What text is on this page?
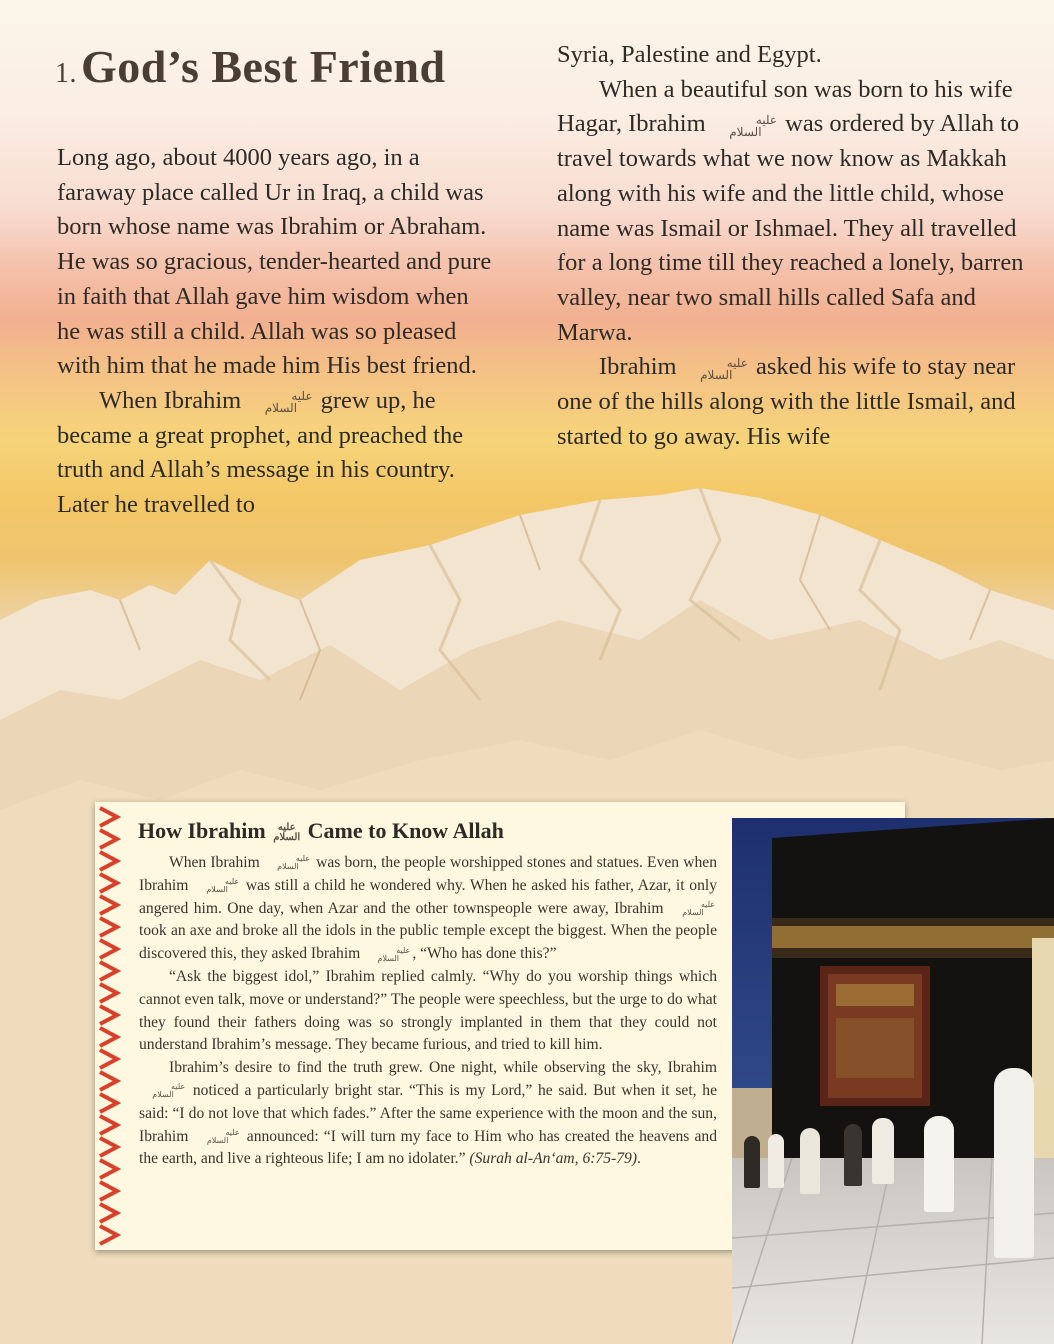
1.God’s Best Friend

Long ago, about 4000 years ago, in a faraway place called Ur in Iraq, a child was born whose name was Ibrahim or Abraham. He was so gracious, tender-hearted and pure in faith that Allah gave him wisdom when he was still a child. Allah was so pleased with him that he made him His best friend.

When Ibrahim	عليه
السلام grew up, he became a great prophet, and preached the truth and Allah’s message in his country. Later he travelled to

Syria, Palestine and Egypt.

When a beautiful son was born to his wife Hagar, Ibrahim	عليه
السلام was ordered by Allah to travel towards what we now know as Makkah along with his wife and the little child, whose name was Ismail or Ishmael. They all travelled for a long time till they reached a lonely, barren valley, near two small hills called Safa and Marwa.

Ibrahim	عليه
السلام asked his wife to stay near one of the hills along with the little Ismail, and started to go away. His wife

How Ibrahim عليه
السلام Came to Know Allah

When Ibrahim	عليه
السلام was born, the people worshipped stones and statues. Even when Ibrahim	عليه
السلام was still a child he wondered why. When he asked his father, Azar, it only angered him. One day, when Azar and the other townspeople were away, Ibrahim	عليه
السلام took an axe and broke all the idols in the public temple except the biggest. When the people discovered this, they asked Ibrahim	عليه
السلام , “Who has done this?”

“Ask the biggest idol,” Ibrahim replied calmly. “Why do you worship things which cannot even talk, move or understand?” The people were speechless, but the urge to do what they found their fathers doing was so strongly implanted in them that they could not understand Ibrahim’s message. They became furious, and tried to kill him.

Ibrahim’s desire to find the truth grew. One night, while observing the sky, Ibrahim عليه
السلام noticed a particularly bright star. “This is my Lord,” he said. But when it set, he said: “I do not love that which fades.” After the same experience with the moon and the sun, Ibrahim	عليه
السلام announced: “I will turn my face to Him who has created the heavens and the earth, and live a righteous life; I am no idolater.” (Surah al-An‘am, 6:75-79).
